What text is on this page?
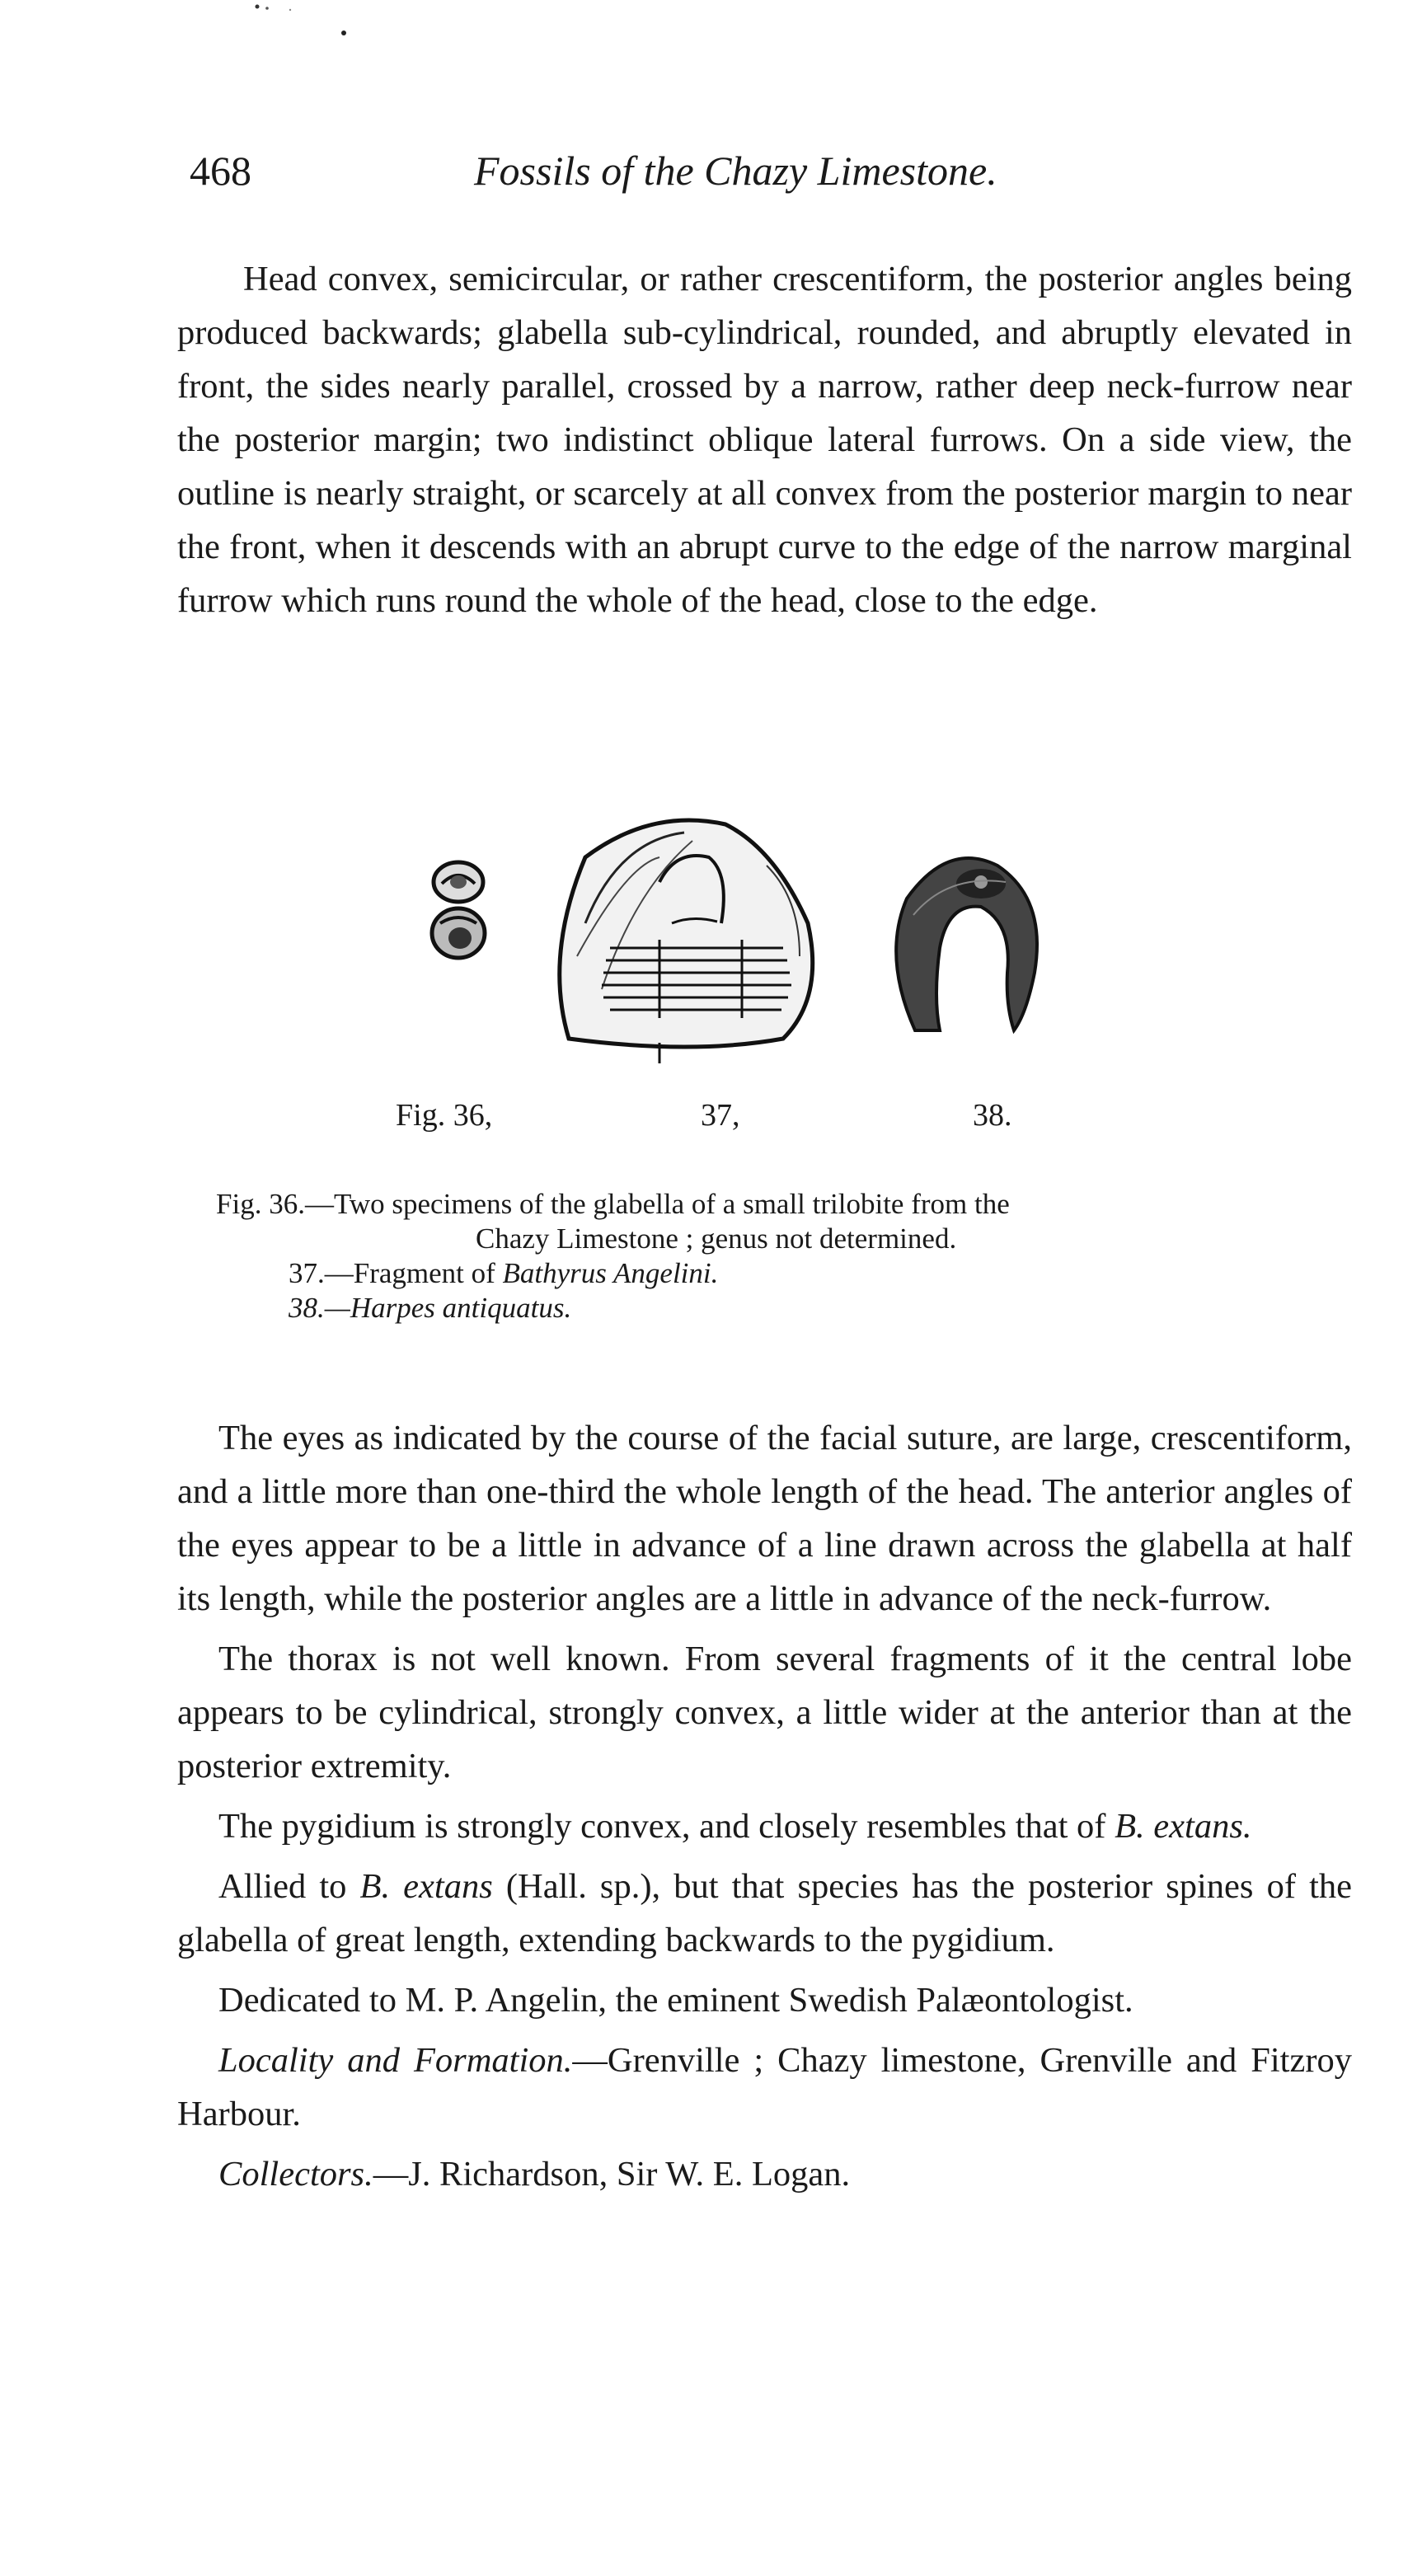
468	Fossils of the Chazy Limestone.

Head convex, semicircular, or rather crescentiform, the posterior angles being produced backwards; glabella sub-cylindrical, rounded, and abruptly elevated in front, the sides nearly parallel, crossed by a narrow, rather deep neck-furrow near the posterior margin; two indistinct oblique lateral furrows. On a side view, the outline is nearly straight, or scarcely at all convex from the posterior margin to near the front, when it descends with an abrupt curve to the edge of the narrow marginal furrow which runs round the whole of the head, close to the edge.

Fig. 36,	37,	38.
Fig. 36.—Two specimens of the glabella of a small trilobite from the
Chazy Limestone ; genus not determined.
37.—Fragment of Bathyrus Angelini.
38.—Harpes antiquatus.

The eyes as indicated by the course of the facial suture, are large, crescentiform, and a little more than one-third the whole length of the head. The anterior angles of the eyes appear to be a little in advance of a line drawn across the glabella at half its length, while the posterior angles are a little in advance of the neck-furrow.

The thorax is not well known. From several fragments of it the central lobe appears to be cylindrical, strongly convex, a little wider at the anterior than at the posterior extremity.

The pygidium is strongly convex, and closely resembles that of B. extans.

Allied to B. extans (Hall. sp.), but that species has the posterior spines of the glabella of great length, extending backwards to the pygidium.

Dedicated to M. P. Angelin, the eminent Swedish Palæontologist.

Locality and Formation.—Grenville ; Chazy limestone, Grenville and Fitzroy Harbour.

Collectors.—J. Richardson, Sir W. E. Logan.
